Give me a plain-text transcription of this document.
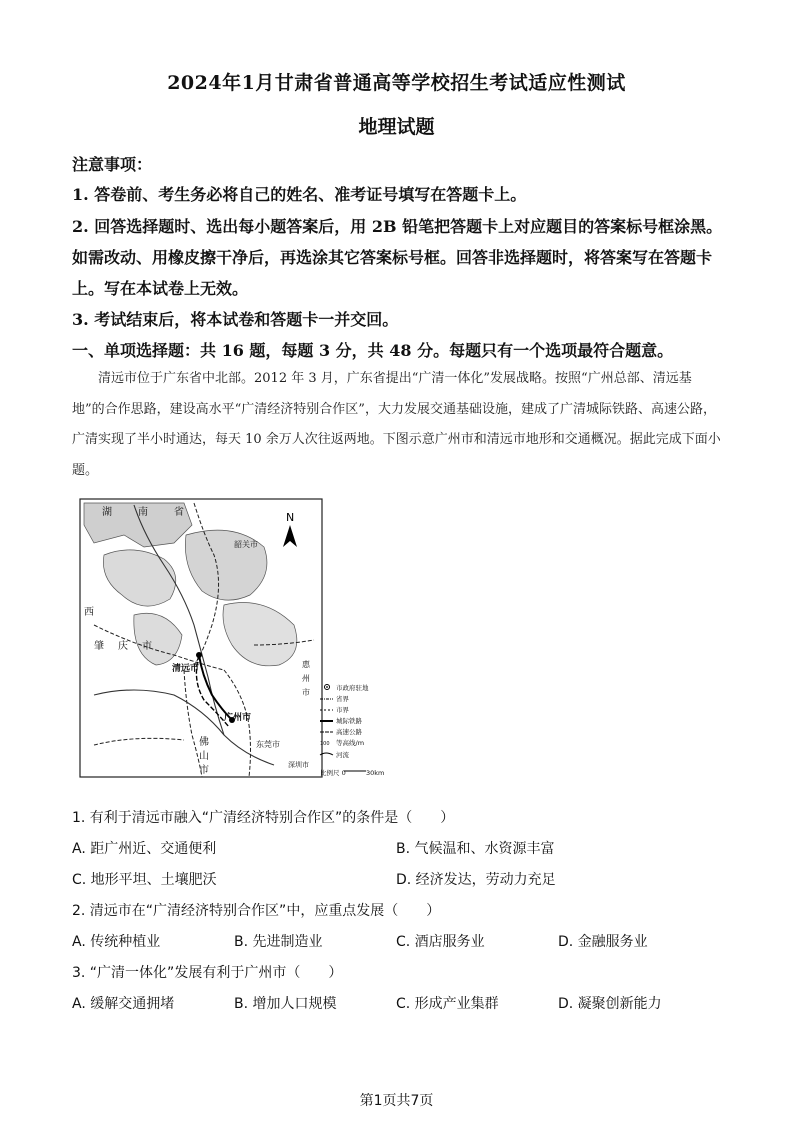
2024年1月甘肃省普通高等学校招生考试适应性测试
地理试题
注意事项：
1. 答卷前、考生务必将自己的姓名、准考证号填写在答题卡上。
2. 回答选择题时、选出每小题答案后，用 2B 铅笔把答题卡上对应题目的答案标号框涂黑。
如需改动、用橡皮擦干净后，再选涂其它答案标号框。回答非选择题时，将答案写在答题卡
上。写在本试卷上无效。
3. 考试结束后，将本试卷和答题卡一并交回。
一、单项选择题：共 16 题，每题 3 分，共 48 分。每题只有一个选项最符合题意。
清远市位于广东省中北部。2012 年 3 月，广东省提出“广清一体化”发展战略。按照“广州总部、清远基地”的合作思路，建设高水平“广清经济特别合作区”，大力发展交通基础设施，建成了广清城际铁路、高速公路，广清实现了半小时通达，每天 10 余万人次往返两地。下图示意广州市和清远市地形和交通概况。据此完成下面小题。
N
湖	南	省
韶关市
西
肇 庆 市
清远市
广州市
惠
州
市
佛
山
市
东莞市
深圳市
市政府驻地
省界
市界
城际铁路
高速公路
100 等高线/m
河流
比例尺 0	30km
1. 有利于清远市融入“广清经济特别合作区”的条件是（　　）
A. 距广州近、交通便利	B. 气候温和、水资源丰富
C. 地形平坦、土壤肥沃	D. 经济发达，劳动力充足
2. 清远市在“广清经济特别合作区”中，应重点发展（　　）
A. 传统种植业	B. 先进制造业	C. 酒店服务业	D. 金融服务业
3. “广清一体化”发展有利于广州市（　　）
A. 缓解交通拥堵	B. 增加人口规模	C. 形成产业集群	D. 凝聚创新能力
第1页共7页
